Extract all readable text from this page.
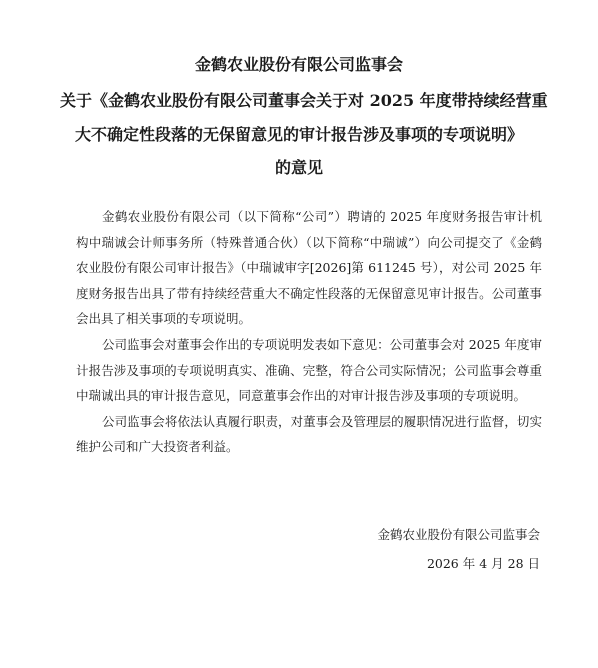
金鹤农业股份有限公司监事会
关于《金鹤农业股份有限公司董事会关于对 2025 年度带持续经营重
大不确定性段落的无保留意见的审计报告涉及事项的专项说明》
的意见

金鹤农业股份有限公司（以下简称“公司”）聘请的 2025 年度财务报告审计机构中瑞诚会计师事务所（特殊普通合伙）（以下简称“中瑞诚”）向公司提交了《金鹤农业股份有限公司审计报告》（中瑞诚审字[2026]第 611245 号），对公司 2025 年度财务报告出具了带有持续经营重大不确定性段落的无保留意见审计报告。公司董事会出具了相关事项的专项说明。

公司监事会对董事会作出的专项说明发表如下意见：公司董事会对 2025 年度审计报告涉及事项的专项说明真实、准确、完整，符合公司实际情况；公司监事会尊重中瑞诚出具的审计报告意见，同意董事会作出的对审计报告涉及事项的专项说明。

公司监事会将依法认真履行职责，对董事会及管理层的履职情况进行监督，切实维护公司和广大投资者利益。

金鹤农业股份有限公司监事会
2026 年 4 月 28 日
